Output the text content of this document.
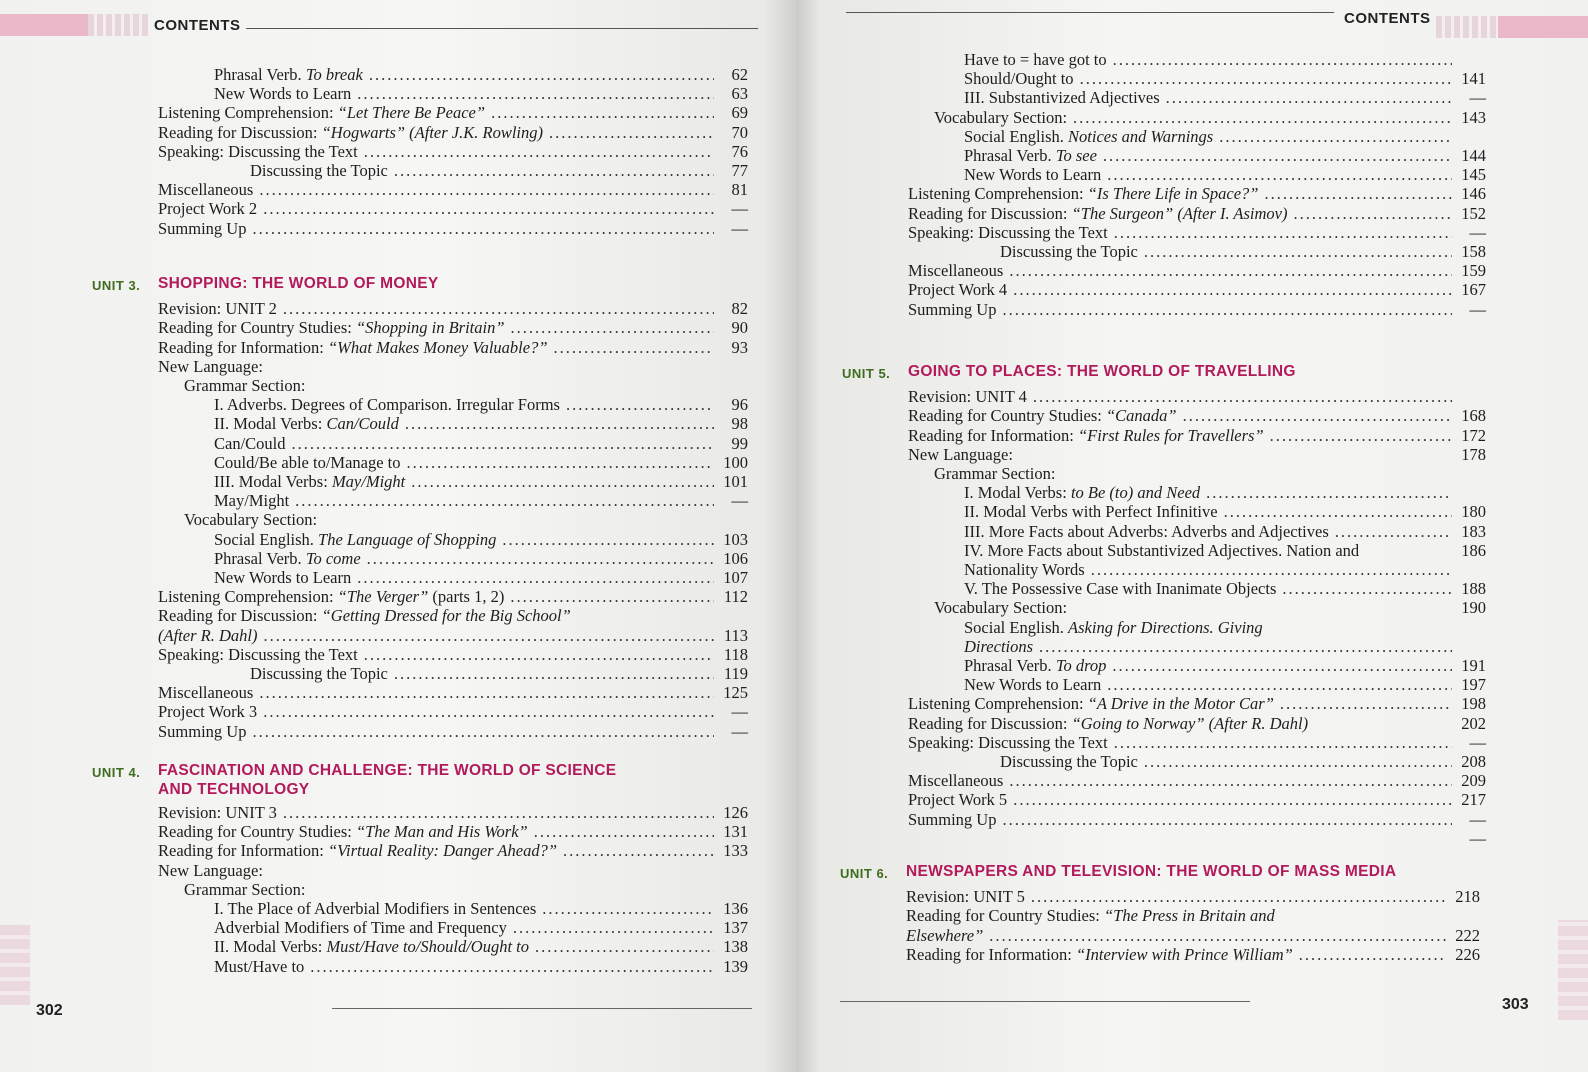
CONTENTS
Phrasal Verb. To break .....	62
New Words to Learn .....	63
Listening Comprehension: “Let There Be Peace” .....	69
Reading for Discussion: “Hogwarts” (After J.K. Rowling) .....	70
Speaking: Discussing the Text .....	76
Discussing the Topic .....	77
Miscellaneous .....	81
Project Work 2 .....	—
Summing Up .....	—
UNIT 3.	SHOPPING: THE WORLD OF MONEY
Revision: UNIT 2 .....	82
Reading for Country Studies: “Shopping in Britain” .....	90
Reading for Information: “What Makes Money Valuable?” .....	93
New Language:
Grammar Section:
I. Adverbs. Degrees of Comparison. Irregular Forms .....	96
II. Modal Verbs: Can/Could .....	98
Can/Could .....	99
Could/Be able to/Manage to .....	100
III. Modal Verbs: May/Might .....	101
May/Might .....	—
Vocabulary Section:
Social English. The Language of Shopping .....	103
Phrasal Verb. To come .....	106
New Words to Learn .....	107
Listening Comprehension: “The Verger” (parts 1, 2) .....	112
Reading for Discussion: “Getting Dressed for the Big School”
(After R. Dahl) .....	113
Speaking: Discussing the Text .....	118
Discussing the Topic .....	119
Miscellaneous .....	125
Project Work 3 .....	—
Summing Up .....	—
UNIT 4.	FASCINATION AND CHALLENGE: THE WORLD OF SCIENCE
AND TECHNOLOGY
Revision: UNIT 3 .....	126
Reading for Country Studies: “The Man and His Work” .....	131
Reading for Information: “Virtual Reality: Danger Ahead?” .....	133
New Language:
Grammar Section:
I. The Place of Adverbial Modifiers in Sentences .....	136
Adverbial Modifiers of Time and Frequency .....	137
II. Modal Verbs: Must/Have to/Should/Ought to .....	138
Must/Have to .....	139
302
CONTENTS
Have to = have got to
.....
Should/Ought to .....	141
III. Substantivized Adjectives .....	—
Vocabulary Section: .....	143
Social English. Notices and Warnings
.....
Phrasal Verb. To see .....	144
New Words to Learn .....	145
Listening Comprehension: “Is There Life in Space?” .....	146
Reading for Discussion: “The Surgeon” (After I. Asimov) .....	152
Speaking: Discussing the Text .....	—
Discussing the Topic .....	158
Miscellaneous .....	159
Project Work 4 .....	167
Summing Up .....	—
UNIT 5.	GOING TO PLACES: THE WORLD OF TRAVELLING
Revision: UNIT 4
.....
Reading for Country Studies: “Canada” .....	168
Reading for Information: “First Rules for Travellers” .....	172
New Language:	178
Grammar Section:
I. Modal Verbs: to Be (to) and Need
.....
II. Modal Verbs with Perfect Infinitive .....	180
III. More Facts about Adverbs: Adverbs and Adjectives .....	183
IV. More Facts about Substantivized Adjectives. Nation and	186
Nationality Words
.....
V. The Possessive Case with Inanimate Objects .....	188
Vocabulary Section:	190
Social English. Asking for Directions. Giving
Directions
.....
Phrasal Verb. To drop .....	191
New Words to Learn .....	197
Listening Comprehension: “A Drive in the Motor Car” .....	198
Reading for Discussion: “Going to Norway” (After R. Dahl)	202
Speaking: Discussing the Text .....	—
Discussing the Topic .....	208
Miscellaneous .....	209
Project Work 5 .....	217
Summing Up .....	—
—
UNIT 6.	NEWSPAPERS AND TELEVISION: THE WORLD OF MASS MEDIA
Revision: UNIT 5 .....	218
Reading for Country Studies: “The Press in Britain and
Elsewhere” .....	222
Reading for Information: “Interview with Prince William” .....	226
303
